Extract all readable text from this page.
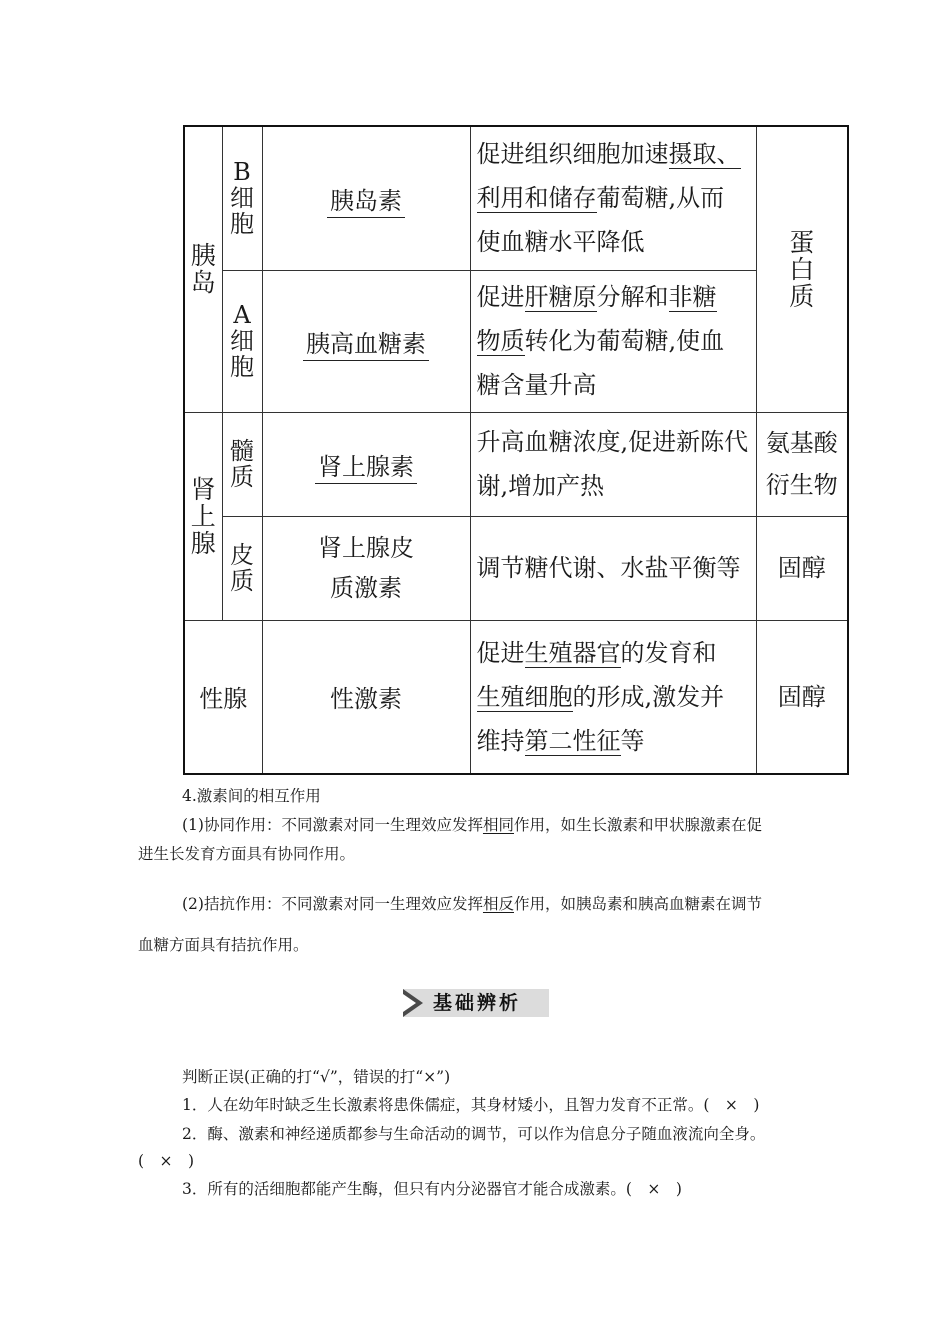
胰岛	B细胞	胰岛素	促进组织细胞加速摄取、
利用和储存葡萄糖,从而
使血糖水平降低	蛋白质

	A细胞	胰高血糖素	促进肝糖原分解和非糖
物质转化为葡萄糖,使血
糖含量升高	

肾上腺	髓质	肾上腺素	升高血糖浓度,促进新陈代谢,增加产热	氨基酸衍生物

	皮质	肾上腺皮质激素	调节糖代谢、水盐平衡等	固醇
性腺		性激素	促进生殖器官的发育和
生殖细胞的形成,激发并
维持第二性征等	固醇
4.激素间的相互作用
(1)协同作用：不同激素对同一生理效应发挥相同作用，如生长激素和甲状腺激素在促
进生长发育方面具有协同作用。
(2)拮抗作用：不同激素对同一生理效应发挥相反作用，如胰岛素和胰高血糖素在调节
血糖方面具有拮抗作用。
基础辨析
判断正误(正确的打“√”，错误的打“×”)
1．人在幼年时缺乏生长激素将患侏儒症，其身材矮小，且智力发育不正常。(　×　)
2．酶、激素和神经递质都参与生命活动的调节，可以作为信息分子随血液流向全身。
(　×　)
3．所有的活细胞都能产生酶，但只有内分泌器官才能合成激素。(　×　)
